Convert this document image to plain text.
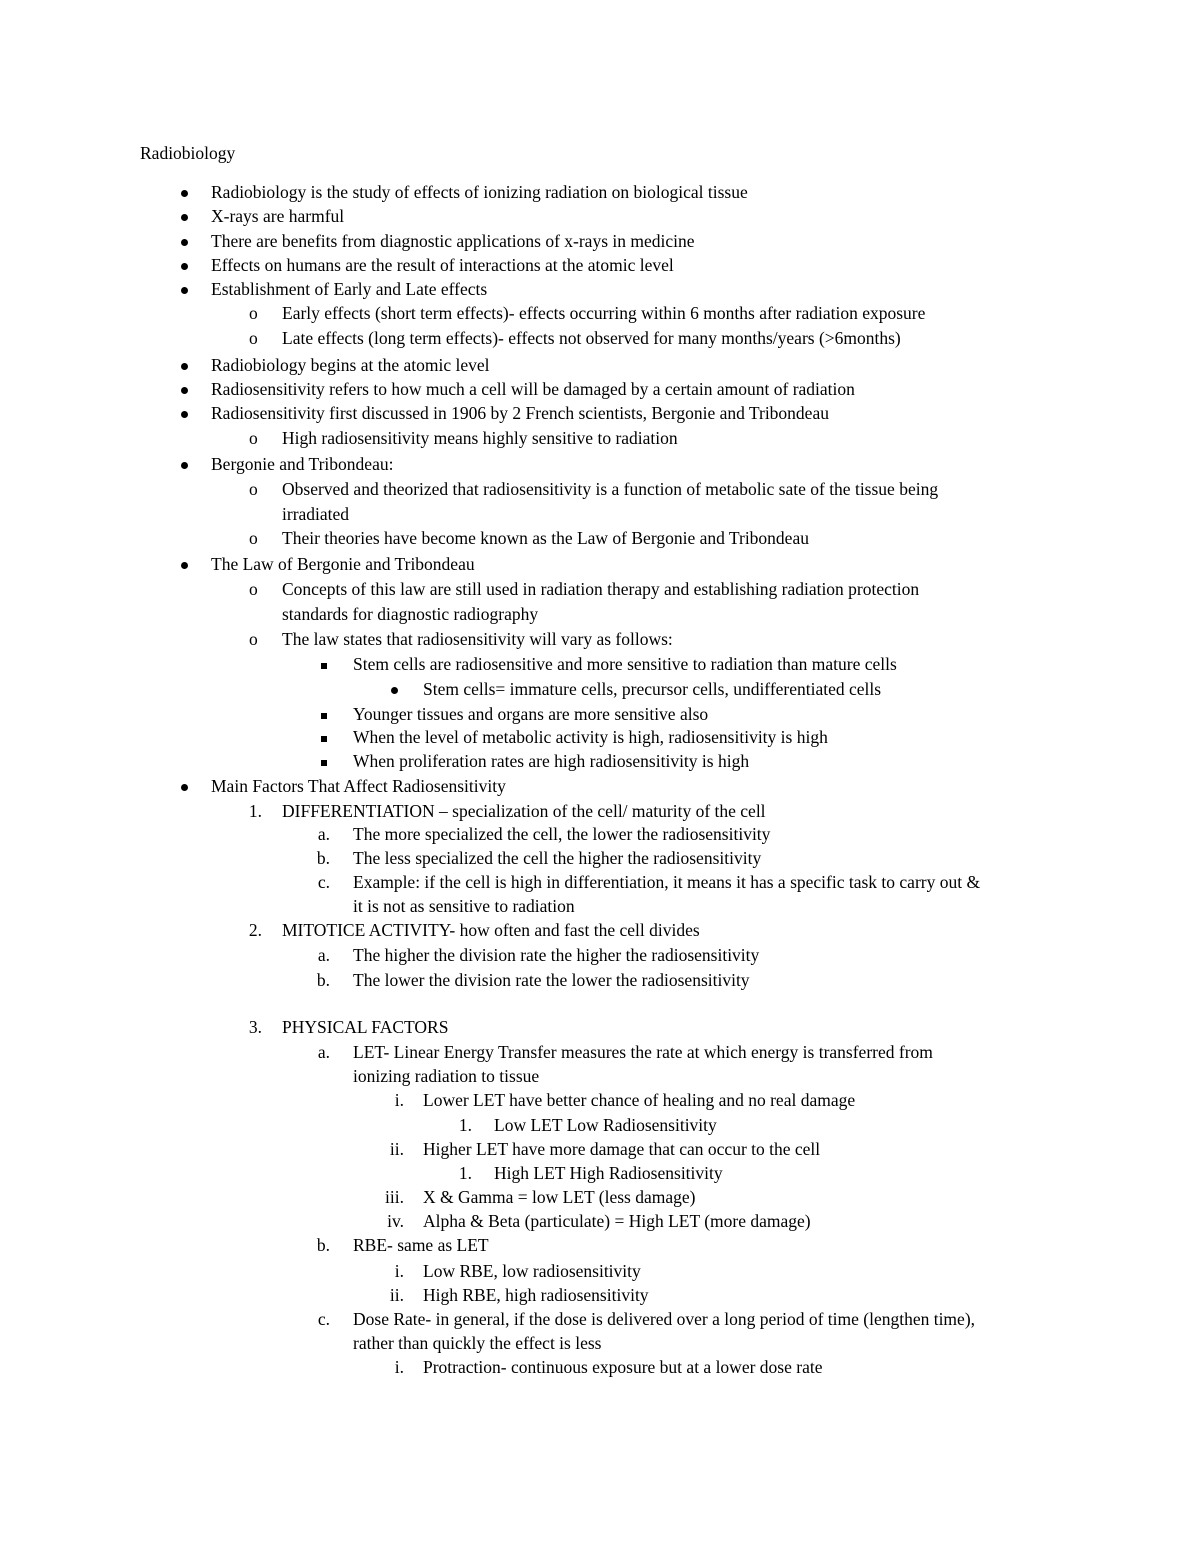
Radiobiology
Radiobiology is the study of effects of ionizing radiation on biological tissue
X-rays are harmful
There are benefits from diagnostic applications of x-rays in medicine
Effects on humans are the result of interactions at the atomic level
Establishment of Early and Late effects
o Early effects (short term effects)- effects occurring within 6 months after radiation exposure
o Late effects (long term effects)- effects not observed for many months/years (>6months)
Radiobiology begins at the atomic level
Radiosensitivity refers to how much a cell will be damaged by a certain amount of radiation
Radiosensitivity first discussed in 1906 by 2 French scientists, Bergonie and Tribondeau
o High radiosensitivity means highly sensitive to radiation
Bergonie and Tribondeau:
o Observed and theorized that radiosensitivity is a function of metabolic sate of the tissue being
irradiated
o Their theories have become known as the Law of Bergonie and Tribondeau
The Law of Bergonie and Tribondeau
o Concepts of this law are still used in radiation therapy and establishing radiation protection
standards for diagnostic radiography
o The law states that radiosensitivity will vary as follows:
Stem cells are radiosensitive and more sensitive to radiation than mature cells
Stem cells= immature cells, precursor cells, undifferentiated cells
Younger tissues and organs are more sensitive also
When the level of metabolic activity is high, radiosensitivity is high
When proliferation rates are high radiosensitivity is high
Main Factors That Affect Radiosensitivity
1. DIFFERENTIATION – specialization of the cell/ maturity of the cell
a. The more specialized the cell, the lower the radiosensitivity
b. The less specialized the cell the higher the radiosensitivity
c. Example: if the cell is high in differentiation, it means it has a specific task to carry out &
it is not as sensitive to radiation
2. MITOTICE ACTIVITY- how often and fast the cell divides
a. The higher the division rate the higher the radiosensitivity
b. The lower the division rate the lower the radiosensitivity
3. PHYSICAL FACTORS
a. LET- Linear Energy Transfer measures the rate at which energy is transferred from
ionizing radiation to tissue
i. Lower LET have better chance of healing and no real damage
1. Low LET Low Radiosensitivity
ii. Higher LET have more damage that can occur to the cell
1. High LET High Radiosensitivity
iii. X & Gamma = low LET (less damage)
iv. Alpha & Beta (particulate) = High LET (more damage)
b. RBE- same as LET
i. Low RBE, low radiosensitivity
ii. High RBE, high radiosensitivity
c. Dose Rate- in general, if the dose is delivered over a long period of time (lengthen time),
rather than quickly the effect is less
i. Protraction- continuous exposure but at a lower dose rate
